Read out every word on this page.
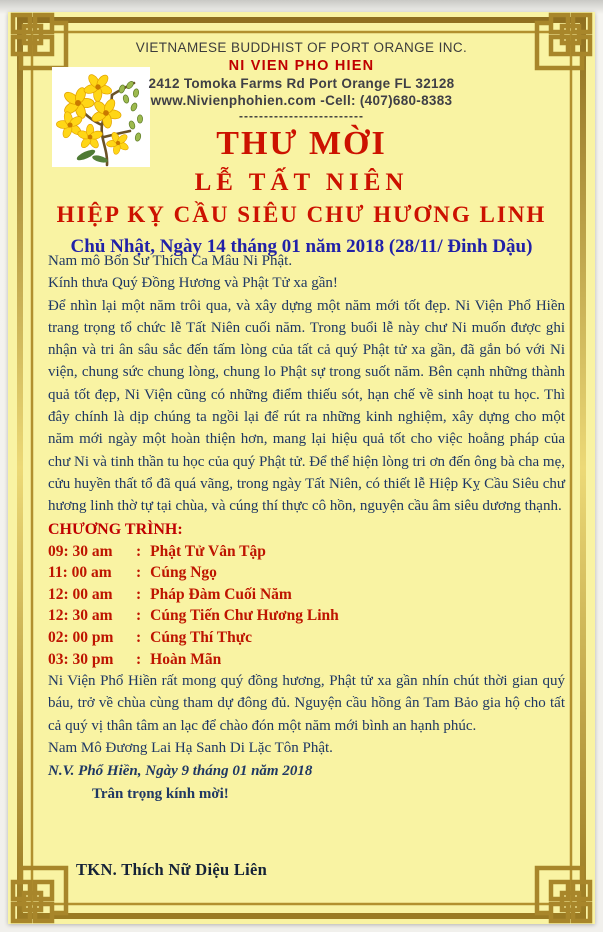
VIETNAMESE BUDDHIST OF PORT ORANGE INC.
NI VIEN PHO HIEN
2412 Tomoka Farms Rd Port Orange FL 32128
www.Nivienphohien.com -Cell: (407)680-8383
-------------------------
THƯ MỜI
LỄ TẤT NIÊN
HIỆP KỴ CẦU SIÊU CHƯ HƯƠNG LINH
Chủ Nhật, Ngày 14 tháng 01 năm 2018 (28/11/ Đinh Dậu)

Nam mô Bổn Sư Thích Ca Mâu Ni Phật.

Kính thưa Quý Đồng Hương và Phật Tử xa gần!

Để nhìn lại một năm trôi qua, và xây dựng một năm mới tốt đẹp. Ni Viện Phổ Hiền trang trọng tổ chức lễ Tất Niên cuối năm. Trong buổi lễ này chư Ni muốn được ghi nhận và tri ân sâu sắc đến tấm lòng của tất cả quý Phật tử xa gần, đã gắn bó với Ni viện, chung sức chung lòng, chung lo Phật sự trong suốt năm. Bên cạnh những thành quả tốt đẹp, Ni Viện cũng có những điểm thiếu sót, hạn chế về sinh hoạt tu học. Thì đây chính là dịp chúng ta ngồi lại để rút ra những kinh nghiệm, xây dựng cho một năm mới ngày một hoàn thiện hơn, mang lại hiệu quả tốt cho việc hoằng pháp của chư Ni và tinh thần tu học của quý Phật tử. Để thể hiện lòng tri ơn đến ông bà cha mẹ, cửu huyền thất tổ đã quá vãng, trong ngày Tất Niên, có thiết lễ Hiệp Kỵ Cầu Siêu chư hương linh thờ tự tại chùa, và cúng thí thực cô hồn, nguyện cầu âm siêu dương thạnh.

CHƯƠNG TRÌNH:
09: 30 am : Phật Tử Vân Tập
11: 00 am : Cúng Ngọ
12: 00 am : Pháp Đàm Cuối Năm
12: 30 am : Cúng Tiến Chư Hương Linh
02: 00 pm : Cúng Thí Thực
03: 30 pm : Hoàn Mãn

Ni Viện Phổ Hiền rất mong quý đồng hương, Phật tử xa gần nhín chút thời gian quý báu, trở về chùa cùng tham dự đông đủ. Nguyện cầu hồng ân Tam Bảo gia hộ cho tất cả quý vị thân tâm an lạc để chào đón một năm mới bình an hạnh phúc.

Nam Mô Đương Lai Hạ Sanh Di Lặc Tôn Phật.

N.V. Phổ Hiền, Ngày 9 tháng 01 năm 2018

Trân trọng kính mời!

TKN. Thích Nữ Diệu Liên
